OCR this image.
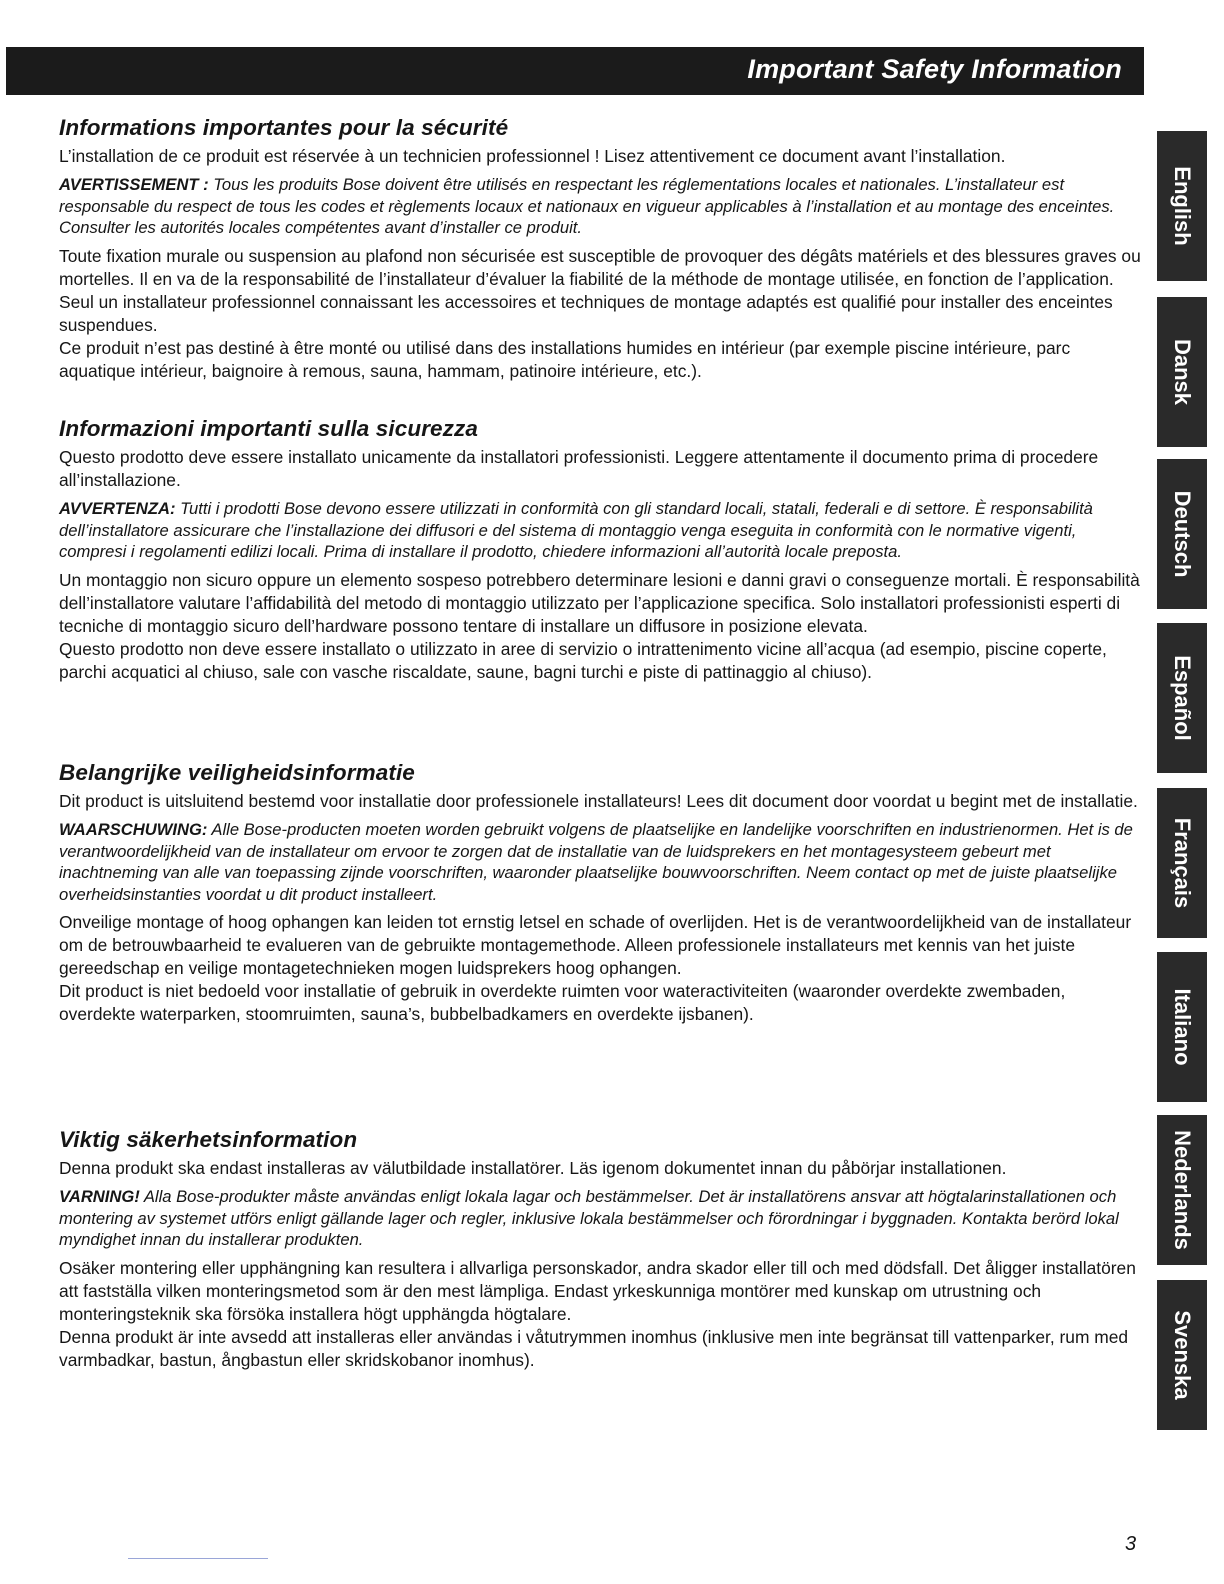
Important Safety Information
Informations importantes pour la sécurité

L’installation de ce produit est réservée à un technicien professionnel ! Lisez attentivement ce document avant l’installation.

AVERTISSEMENT : Tous les produits Bose doivent être utilisés en respectant les réglementations locales et nationales. L’installateur est responsable du respect de tous les codes et règlements locaux et nationaux en vigueur applicables à l’installation et au montage des enceintes. Consulter les autorités locales compétentes avant d’installer ce produit.

Toute fixation murale ou suspension au plafond non sécurisée est susceptible de provoquer des dégâts matériels et des blessures graves ou mortelles. Il en va de la responsabilité de l’installateur d’évaluer la fiabilité de la méthode de montage utilisée, en fonction de l’application. Seul un installateur professionnel connaissant les accessoires et techniques de montage adaptés est qualifié pour installer des enceintes suspendues.

Ce produit n’est pas destiné à être monté ou utilisé dans des installations humides en intérieur (par exemple piscine intérieure, parc aquatique intérieur, baignoire à remous, sauna, hammam, patinoire intérieure, etc.).

Informazioni importanti sulla sicurezza

Questo prodotto deve essere installato unicamente da installatori professionisti. Leggere attentamente il documento prima di procedere all’installazione.

AVVERTENZA: Tutti i prodotti Bose devono essere utilizzati in conformità con gli standard locali, statali, federali e di settore. È responsabilità dell’installatore assicurare che l’installazione dei diffusori e del sistema di montaggio venga eseguita in conformità con le normative vigenti, compresi i regolamenti edilizi locali. Prima di installare il prodotto, chiedere informazioni all’autorità locale preposta.

Un montaggio non sicuro oppure un elemento sospeso potrebbero determinare lesioni e danni gravi o conseguenze mortali. È responsabilità dell’installatore valutare l’affidabilità del metodo di montaggio utilizzato per l’applicazione specifica. Solo installatori professionisti esperti di tecniche di montaggio sicuro dell’hardware possono tentare di installare un diffusore in posizione elevata.

Questo prodotto non deve essere installato o utilizzato in aree di servizio o intrattenimento vicine all’acqua (ad esempio, piscine coperte, parchi acquatici al chiuso, sale con vasche riscaldate, saune, bagni turchi e piste di pattinaggio al chiuso).

Belangrijke veiligheidsinformatie

Dit product is uitsluitend bestemd voor installatie door professionele installateurs! Lees dit document door voordat u begint met de installatie.

WAARSCHUWING: Alle Bose-producten moeten worden gebruikt volgens de plaatselijke en landelijke voorschriften en industrienormen. Het is de verantwoordelijkheid van de installateur om ervoor te zorgen dat de installatie van de luidsprekers en het montagesysteem gebeurt met inachtneming van alle van toepassing zijnde voorschriften, waaronder plaatselijke bouwvoorschriften. Neem contact op met de juiste plaatselijke overheidsinstanties voordat u dit product installeert.

Onveilige montage of hoog ophangen kan leiden tot ernstig letsel en schade of overlijden. Het is de verantwoordelijkheid van de installateur om de betrouwbaarheid te evalueren van de gebruikte montagemethode. Alleen professionele installateurs met kennis van het juiste gereedschap en veilige montagetechnieken mogen luidsprekers hoog ophangen.

Dit product is niet bedoeld voor installatie of gebruik in overdekte ruimten voor wateractiviteiten (waaronder overdekte zwembaden, overdekte waterparken, stoomruimten, sauna’s, bubbelbadkamers en overdekte ijsbanen).

Viktig säkerhetsinformation

Denna produkt ska endast installeras av välutbildade installatörer. Läs igenom dokumentet innan du påbörjar installationen.

VARNING! Alla Bose-produkter måste användas enligt lokala lagar och bestämmelser. Det är installatörens ansvar att högtalarinstallationen och montering av systemet utförs enligt gällande lager och regler, inklusive lokala bestämmelser och förordningar i byggnaden. Kontakta berörd lokal myndighet innan du installerar produkten.

Osäker montering eller upphängning kan resultera i allvarliga personskador, andra skador eller till och med dödsfall. Det åligger installatören att fastställa vilken monteringsmetod som är den mest lämpliga. Endast yrkeskunniga montörer med kunskap om utrustning och monteringsteknik ska försöka installera högt upphängda högtalare.

Denna produkt är inte avsedd att installeras eller användas i våtutrymmen inomhus (inklusive men inte begränsat till vattenparker, rum med varmbadkar, bastun, ångbastun eller skridskobanor inomhus).

English
Dansk
Deutsch
Español
Français
Italiano
Nederlands
Svenska
3
